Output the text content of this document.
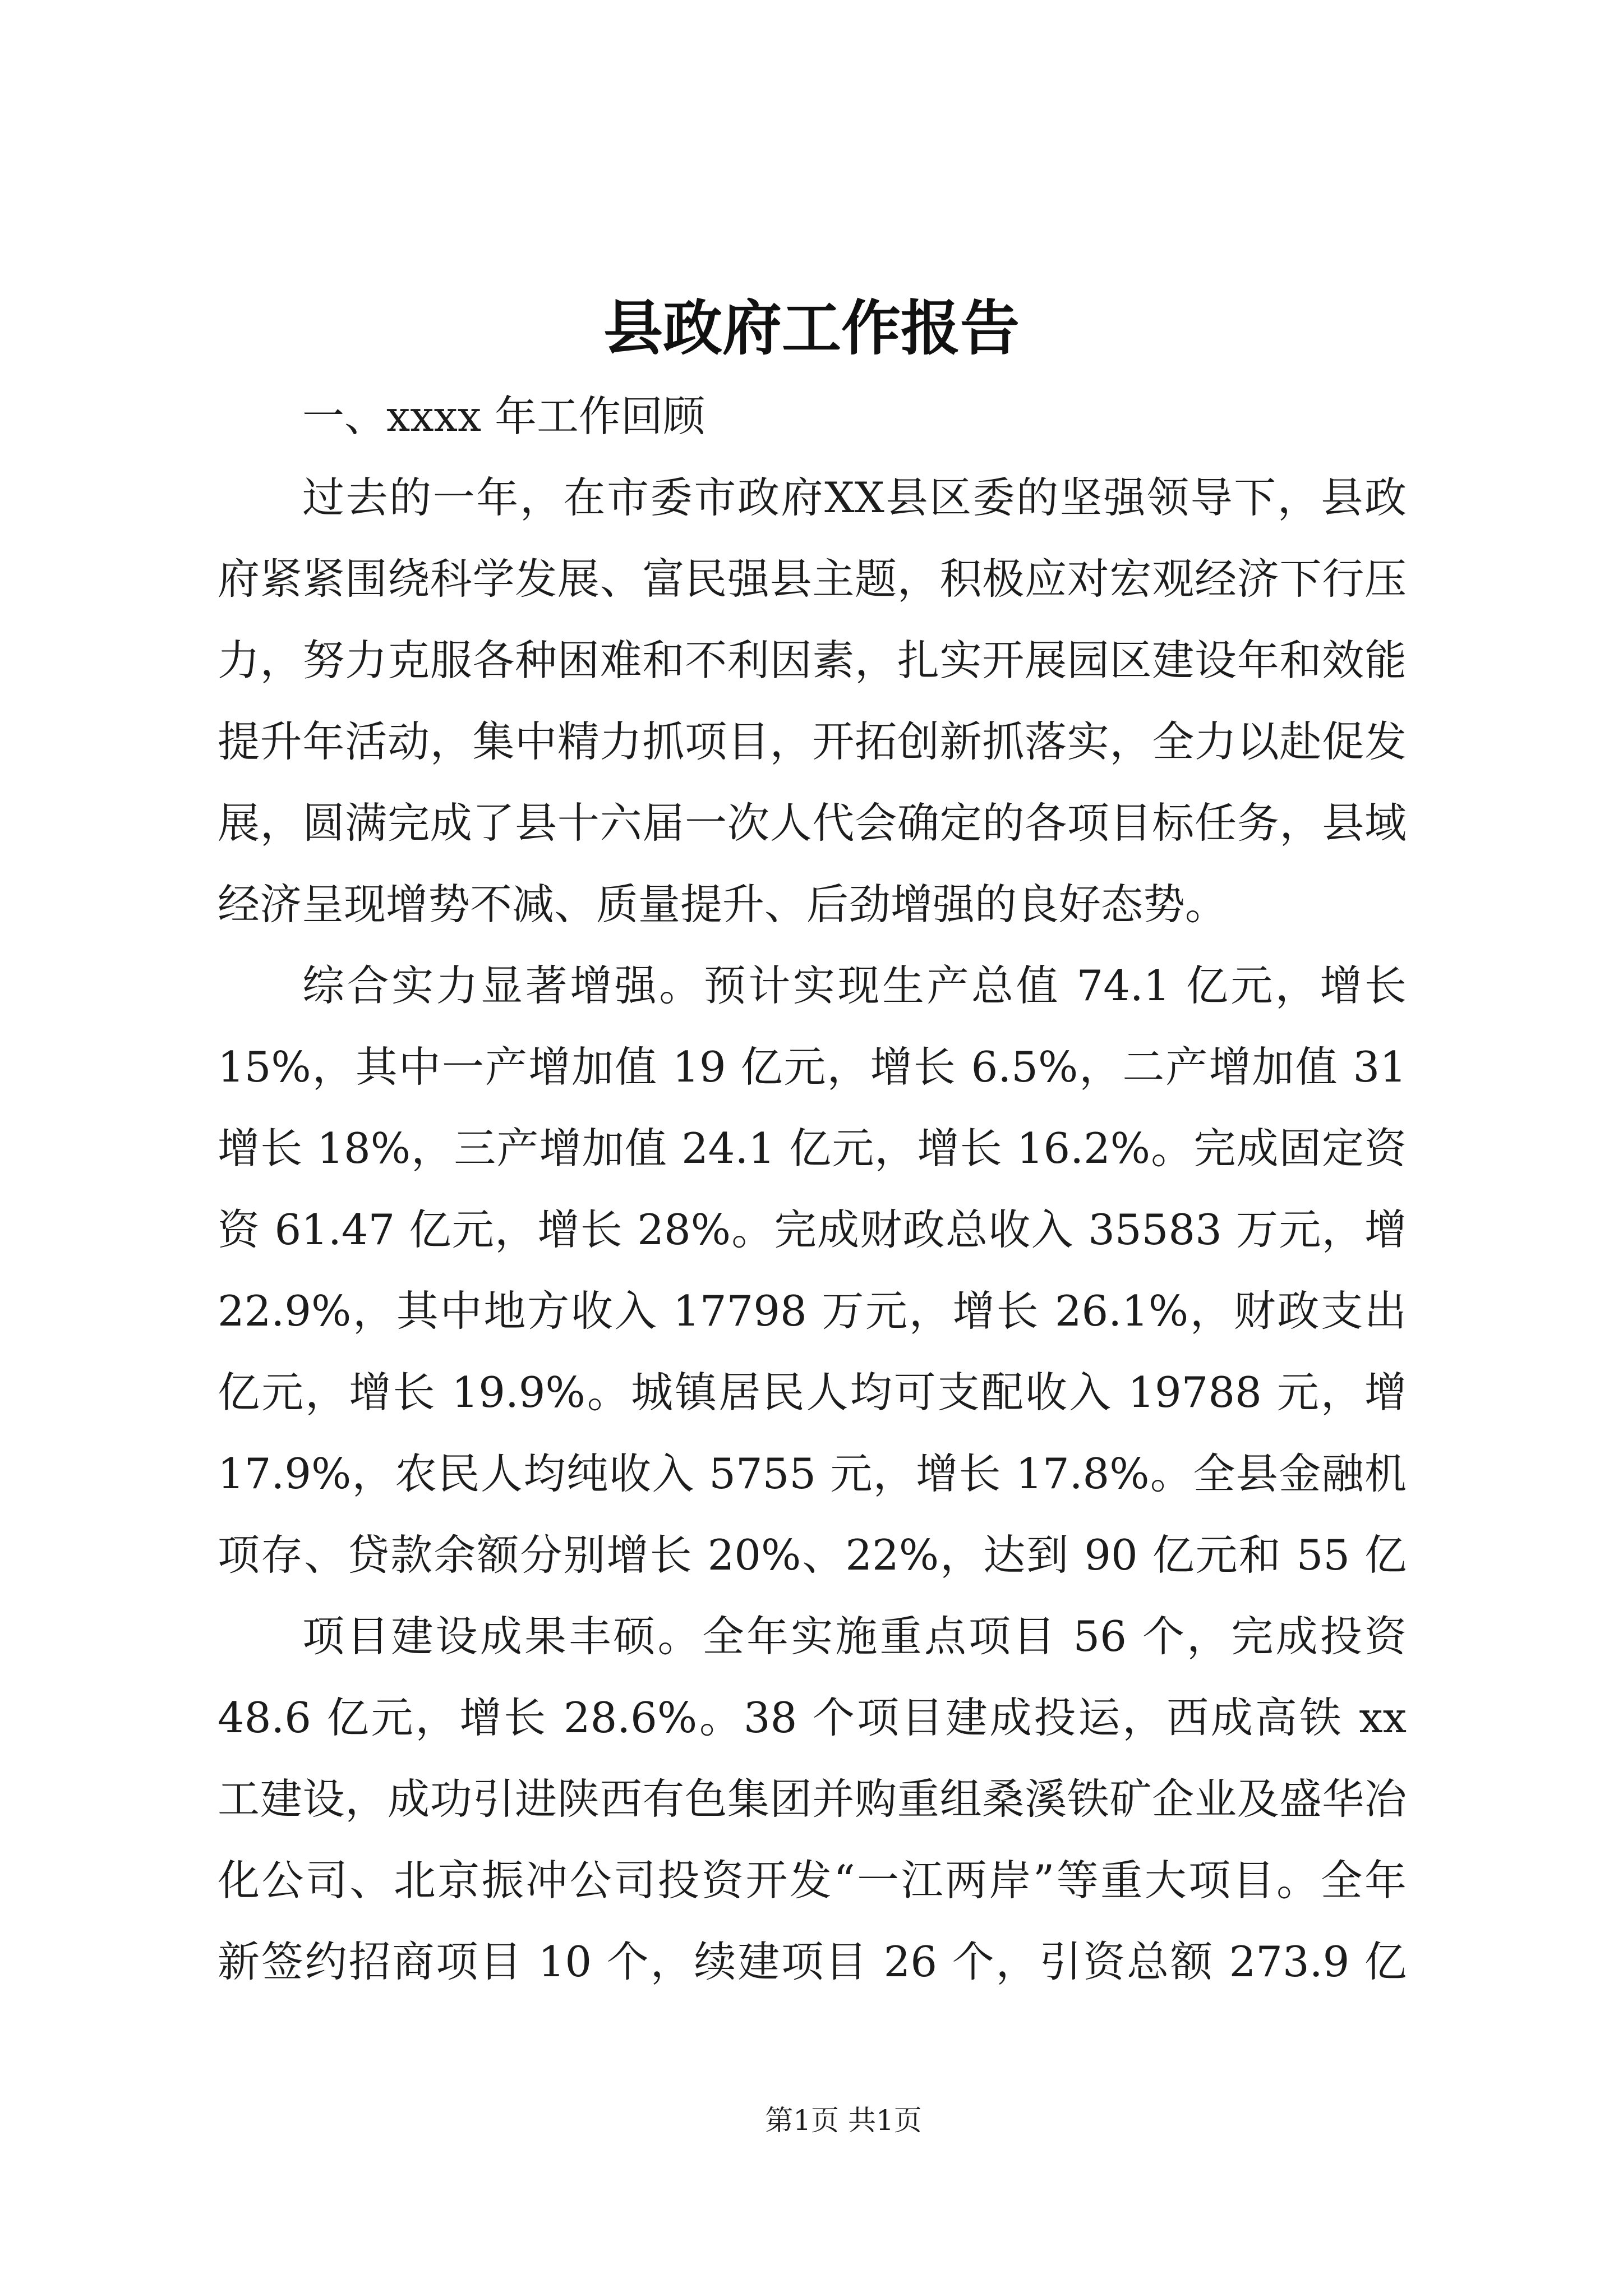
县政府工作报告
一、xxxx 年工作回顾
过去的一年，在市委市政府XX县区委的坚强领导下，县政
府紧紧围绕科学发展、富民强县主题，积极应对宏观经济下行压
力，努力克服各种困难和不利因素，扎实开展园区建设年和效能
提升年活动，集中精力抓项目，开拓创新抓落实，全力以赴促发
展，圆满完成了县十六届一次人代会确定的各项目标任务，县域
经济呈现增势不减、质量提升、后劲增强的良好态势。
综合实力显著增强。预计实现生产总值 74.1 亿元，增长
15%，其中一产增加值 19 亿元，增长 6.5%，二产增加值 31
增长 18%，三产增加值 24.1 亿元，增长 16.2%。完成固定资
资 61.47 亿元，增长 28%。完成财政总收入 35583 万元，增
22.9%，其中地方收入 17798 万元，增长 26.1%，财政支出
亿元，增长 19.9%。城镇居民人均可支配收入 19788 元，增
17.9%，农民人均纯收入 5755 元，增长 17.8%。全县金融机
项存、贷款余额分别增长 20%、22%，达到 90 亿元和 55 亿
项目建设成果丰硕。全年实施重点项目 56 个，完成投资
48.6 亿元，增长 28.6%。38 个项目建成投运，西成高铁 xx
工建设，成功引进陕西有色集团并购重组桑溪铁矿企业及盛华冶
化公司、北京振冲公司投资开发“一江两岸”等重大项目。全年
新签约招商项目 10 个，续建项目 26 个，引资总额 273.9 亿
第1页 共1页
